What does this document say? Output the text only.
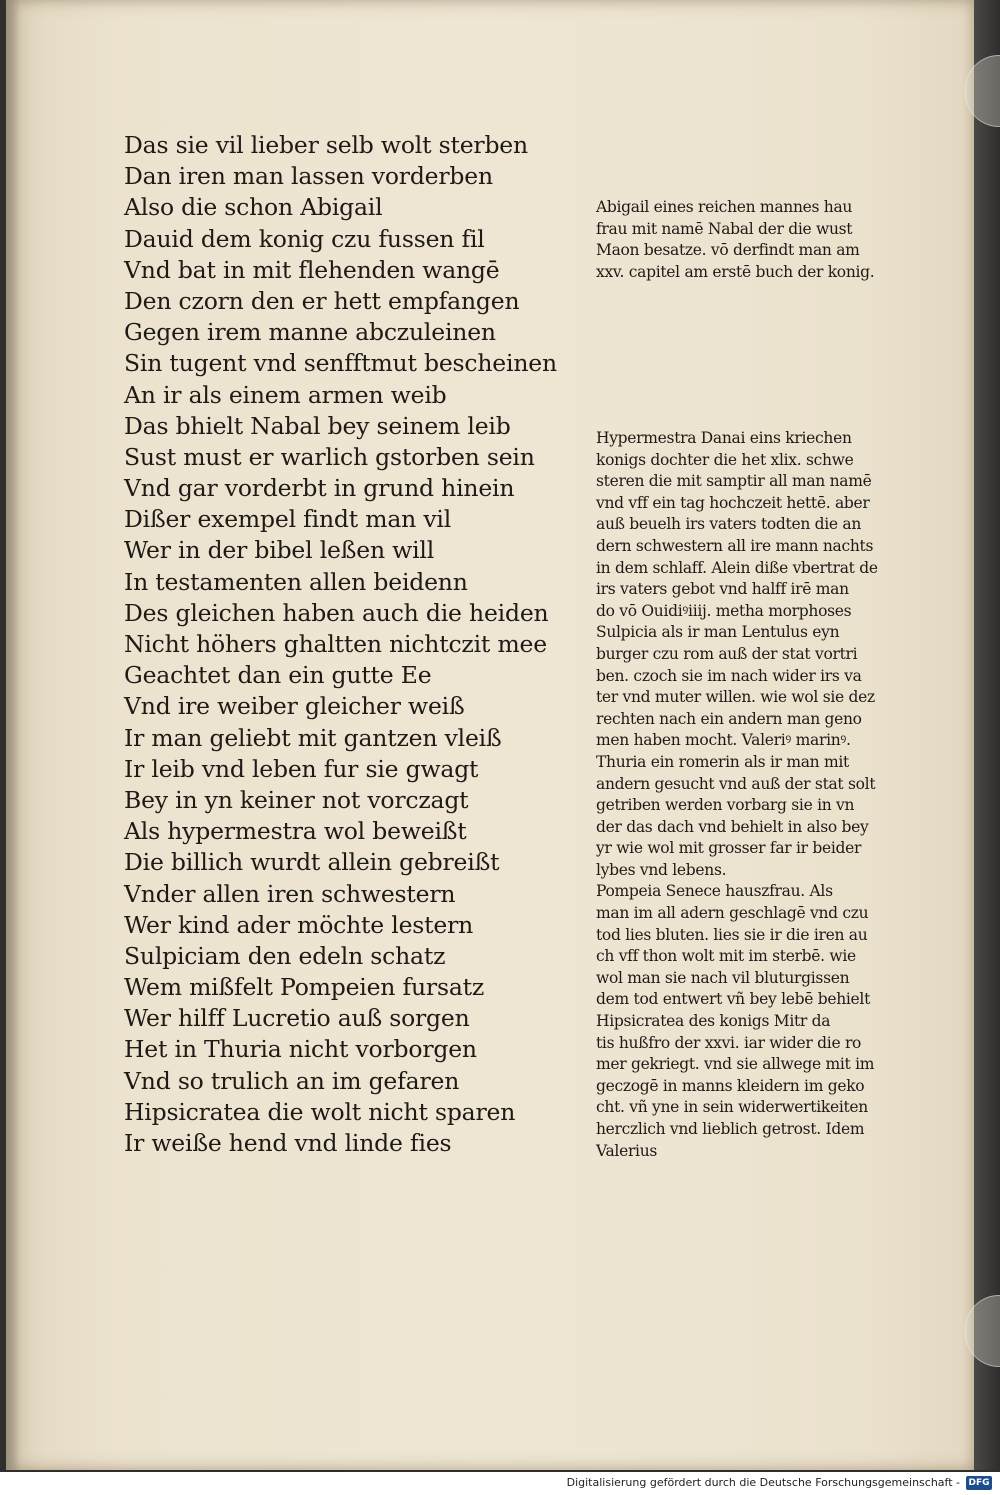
Das sie vil lieber selb wolt sterben
Dan iren man lassen vorderben
Also die schon Abigail
Dauid dem konig czu fussen fil
Vnd bat in mit flehenden wangē
Den czorn den er hett empfangen
Gegen irem manne abczuleinen
Sin tugent vnd senfftmut bescheinen
An ir als einem armen weib
Das bhielt Nabal bey seinem leib
Sust must er warlich gstorben sein
Vnd gar vorderbt in grund hinein
Dißer exempel findt man vil
Wer in der bibel leßen will
In testamenten allen beidenn
Des gleichen haben auch die heiden
Nicht höhers ghaltten nichtczit mee
Geachtet dan ein gutte Ee
Vnd ire weiber gleicher weiß
Ir man geliebt mit gantzen vleiß
Ir leib vnd leben fur sie gwagt
Bey in yn keiner not vorczagt
Als hypermestra wol beweißt
Die billich wurdt allein gebreißt
Vnder allen iren schwestern
Wer kind ader möchte lestern
Sulpiciam den edeln schatz
Wem mißfelt Pompeien fursatz
Wer hilff Lucretio auß sorgen
Het in Thuria nicht vorborgen
Vnd so trulich an im gefaren
Hipsicratea die wolt nicht sparen
Ir weiße hend vnd linde fies
Abigail eines reichen mannes hau
frau mit namē Nabal der die wust
Maon besatze. vō derfindt man am
xxv. capitel am erstē buch der konig.
Hypermestra Danai eins kriechen
konigs dochter die het xlix. schwe
steren die mit samptir all man namē
vnd vff ein tag hochczeit hettē. aber
auß beuelh irs vaters todten die an
dern schwestern all ire mann nachts
in dem schlaff. Alein diße vbertrat de
irs vaters gebot vnd halff irē man
do vō Ouidiꝰiiij. metha morphoses
Sulpicia als ir man Lentulus eyn
burger czu rom auß der stat vortri
ben. czoch sie im nach wider irs va
ter vnd muter willen. wie wol sie dez
rechten nach ein andern man geno
men haben mocht. Valeriꝰ marinꝰ.
Thuria ein romerin als ir man mit
andern gesucht vnd auß der stat solt
getriben werden vorbarg sie in vn
der das dach vnd behielt in also bey
yr wie wol mit grosser far ir beider
lybes vnd lebens.
Pompeia Senece hauszfrau. Als
man im all adern geschlagē vnd czu
tod lies bluten. lies sie ir die iren au
ch vff thon wolt mit im sterbē. wie
wol man sie nach vil bluturgissen
dem tod entwert vñ bey lebē behielt
Hipsicratea des konigs Mitr da
tis hußfro der xxvi. iar wider die ro
mer gekriegt. vnd sie allwege mit im
geczogē in manns kleidern im geko
cht. vñ yne in sein widerwertikeiten
herczlich vnd lieblich getrost. Idem
Valerius
Digitalisierung gefördert durch die Deutsche Forschungsgemeinschaft - DFG
